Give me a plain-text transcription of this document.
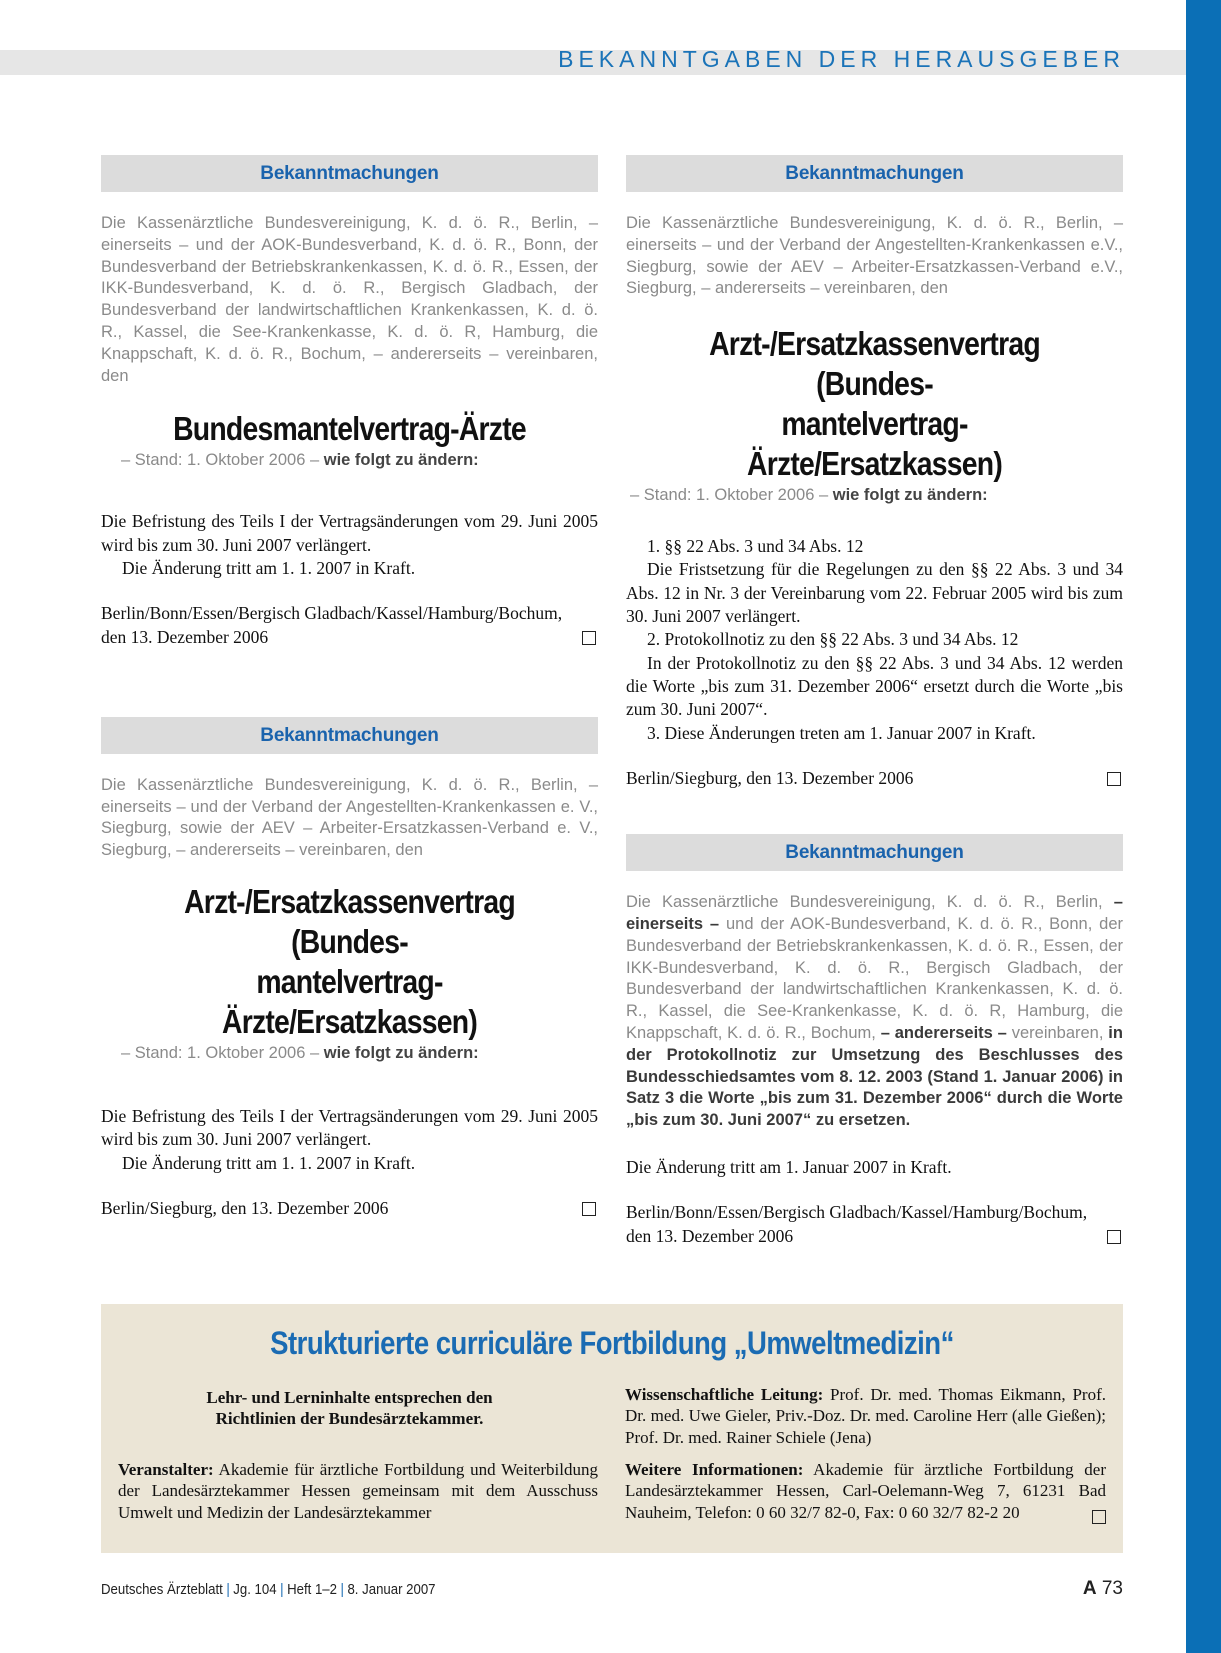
BEKANNTGABEN DER HERAUSGEBER
Bekanntmachungen
Die Kassenärztliche Bundesvereinigung, K. d. ö. R., Berlin, – einerseits – und der AOK-Bundesverband, K. d. ö. R., Bonn, der Bundesverband der Betriebskrankenkassen, K. d. ö. R., Essen, der IKK-Bundesverband, K. d. ö. R., Bergisch Gladbach, der Bundesverband der landwirtschaftlichen Krankenkassen, K. d. ö. R., Kassel, die See-Krankenkasse, K. d. ö. R, Hamburg, die Knappschaft, K. d. ö. R., Bochum, – andererseits – vereinbaren, den
Bundesmantelvertrag-Ärzte
– Stand: 1. Oktober 2006 – wie folgt zu ändern:

Die Befristung des Teils I der Vertragsänderungen vom 29. Juni 2005 wird bis zum 30. Juni 2007 verlängert.

Die Änderung tritt am 1. 1. 2007 in Kraft.

Berlin/Bonn/Essen/Bergisch Gladbach/Kassel/Hamburg/Bochum,
den 13. Dezember 2006
Bekanntmachungen
Die Kassenärztliche Bundesvereinigung, K. d. ö. R., Berlin, – einerseits – und der Verband der Angestellten-Krankenkassen e. V., Siegburg, sowie der AEV – Arbeiter-Ersatzkassen-Verband e. V., Siegburg, – andererseits – vereinbaren, den
Arzt-/Ersatzkassenvertrag (Bundes-
mantelvertrag-Ärzte/Ersatzkassen)
– Stand: 1. Oktober 2006 – wie folgt zu ändern:

Die Befristung des Teils I der Vertragsänderungen vom 29. Juni 2005 wird bis zum 30. Juni 2007 verlängert.

Die Änderung tritt am 1. 1. 2007 in Kraft.

Berlin/Siegburg, den 13. Dezember 2006
Bekanntmachungen
Die Kassenärztliche Bundesvereinigung, K. d. ö. R., Berlin, – einerseits – und der Verband der Angestellten-Krankenkassen e.V., Siegburg, sowie der AEV – Arbeiter-Ersatzkassen-Verband e.V., Siegburg, – andererseits – vereinbaren, den
Arzt-/Ersatzkassenvertrag (Bundes-
mantelvertrag-Ärzte/Ersatzkassen)
– Stand: 1. Oktober 2006 – wie folgt zu ändern:

1. §§ 22 Abs. 3 und 34 Abs. 12

Die Fristsetzung für die Regelungen zu den §§ 22 Abs. 3 und 34 Abs. 12 in Nr. 3 der Vereinbarung vom 22. Februar 2005 wird bis zum 30. Juni 2007 verlängert.

2. Protokollnotiz zu den §§ 22 Abs. 3 und 34 Abs. 12

In der Protokollnotiz zu den §§ 22 Abs. 3 und 34 Abs. 12 werden die Worte „bis zum 31. Dezember 2006“ ersetzt durch die Worte „bis zum 30. Juni 2007“.

3. Diese Änderungen treten am 1. Januar 2007 in Kraft.

Berlin/Siegburg, den 13. Dezember 2006
Bekanntmachungen
Die Kassenärztliche Bundesvereinigung, K. d. ö. R., Berlin, – einerseits – und der AOK-Bundesverband, K. d. ö. R., Bonn, der Bundesverband der Betriebskrankenkassen, K. d. ö. R., Essen, der IKK-Bundesverband, K. d. ö. R., Bergisch Gladbach, der Bundesverband der landwirtschaftlichen Krankenkassen, K. d. ö. R., Kassel, die See-Krankenkasse, K. d. ö. R, Hamburg, die Knappschaft, K. d. ö. R., Bochum, – andererseits – vereinbaren, in der Protokollnotiz zur Umsetzung des Beschlusses des Bundesschiedsamtes vom 8. 12. 2003 (Stand 1. Januar 2006) in Satz 3 die Worte „bis zum 31. Dezember 2006“ durch die Worte „bis zum 30. Juni 2007“ zu ersetzen.

Die Änderung tritt am 1. Januar 2007 in Kraft.

Berlin/Bonn/Essen/Bergisch Gladbach/Kassel/Hamburg/Bochum,
den 13. Dezember 2006
Strukturierte curriculäre Fortbildung „Umweltmedizin“
Lehr- und Lerninhalte entsprechen den
Richtlinien der Bundesärztekammer.
Veranstalter: Akademie für ärztliche Fortbildung und Weiterbildung der Landesärztekammer Hessen gemeinsam mit dem Ausschuss Umwelt und Medizin der Landesärztekammer
Wissenschaftliche Leitung: Prof. Dr. med. Thomas Eikmann, Prof. Dr. med. Uwe Gieler, Priv.-Doz. Dr. med. Caroline Herr (alle Gießen); Prof. Dr. med. Rainer Schiele (Jena)
Weitere Informationen: Akademie für ärztliche Fortbildung der Landesärztekammer Hessen, Carl-Oelemann-Weg 7, 61231 Bad Nauheim, Telefon: 0 60 32/7 82-0, Fax: 0 60 32/7 82-2 20
Deutsches Ärzteblatt | Jg. 104 | Heft 1–2 | 8. Januar 2007	A 73
